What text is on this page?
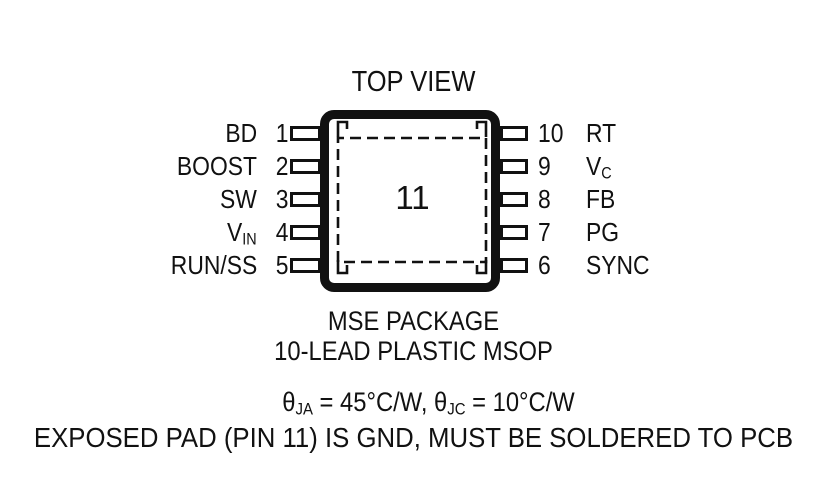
TOP VIEW
11
BD
BOOST
SW
$V_{IN}$
RUN/SS
1
2
3
4
5
10
9
8
7
6
RT
$V_C$
FB
PG
SYNC
MSE PACKAGE
10-LEAD PLASTIC MSOP
$\theta_{JA} = 45^\circ C/W$, $\theta_{JC} = 10^\circ C/W$
EXPOSED PAD (PIN 11) IS GND, MUST BE SOLDERED TO PCB
